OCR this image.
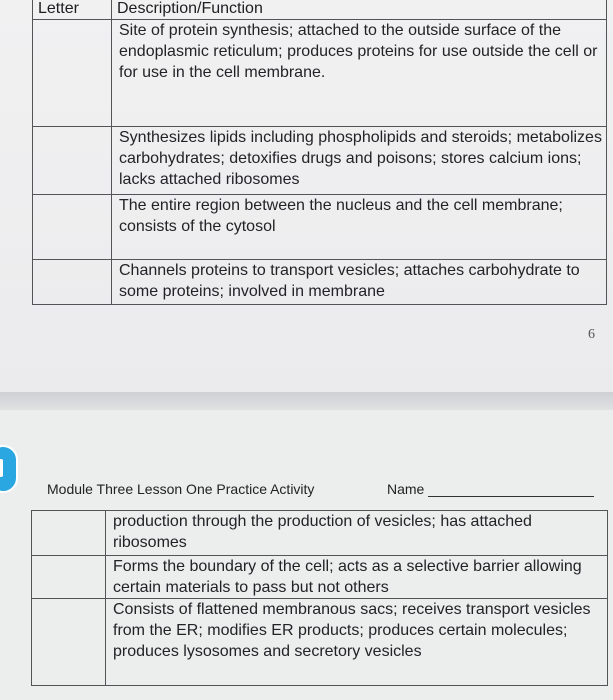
Letter	Description/Function
	Site of protein synthesis; attached to the outside surface of the endoplasmic reticulum; produces proteins for use outside the cell or for use in the cell membrane.
	Synthesizes lipids including phospholipids and steroids; metabolizes carbohydrates; detoxifies drugs and poisons; stores calcium ions; lacks attached ribosomes
	The entire region between the nucleus and the cell membrane; consists of the cytosol
	Channels proteins to transport vesicles; attaches carbohydrate to some proteins; involved in membrane
6
Module Three Lesson One Practice Activity	Name
	production through the production of vesicles; has attached ribosomes
	Forms the boundary of the cell; acts as a selective barrier allowing certain materials to pass but not others
	Consists of flattened membranous sacs; receives transport vesicles from the ER; modifies ER products; produces certain molecules; produces lysosomes and secretory vesicles
